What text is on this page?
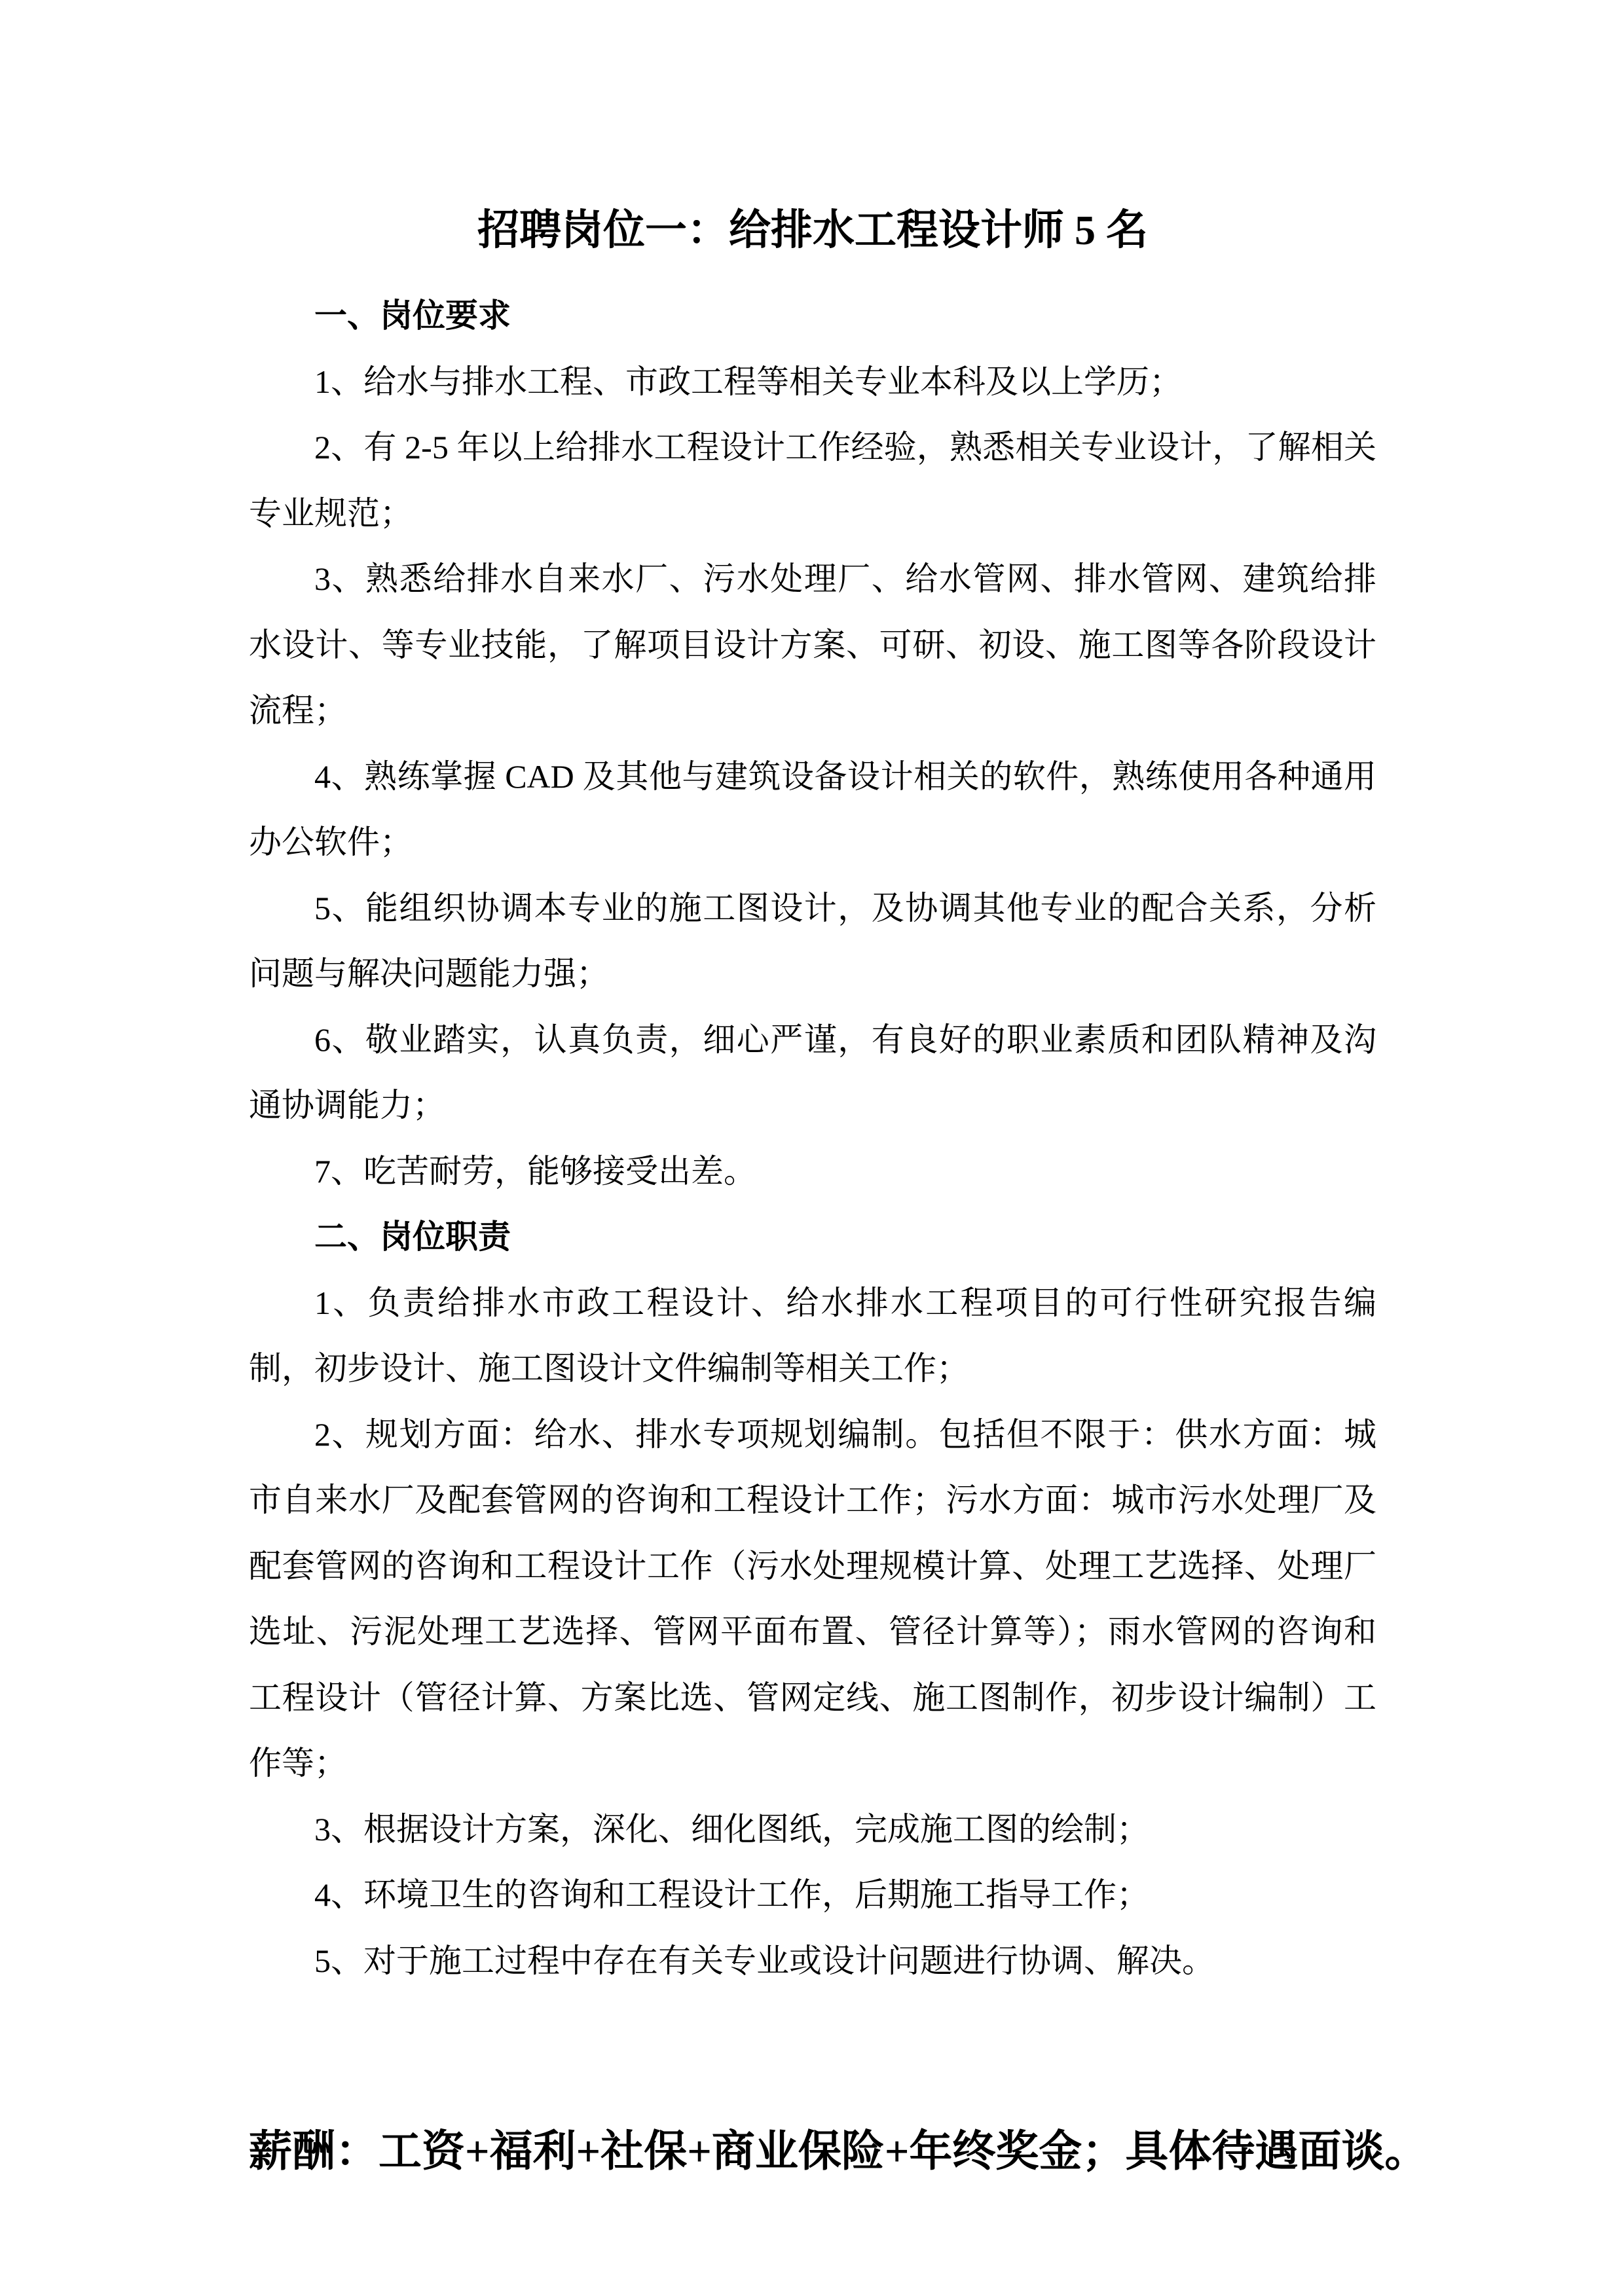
招聘岗位一：给排水工程设计师 5 名

一、岗位要求

1、给水与排水工程、市政工程等相关专业本科及以上学历；

2、有 2-5 年以上给排水工程设计工作经验，熟悉相关专业设计，了解相关专业规范；

3、熟悉给排水自来水厂、污水处理厂、给水管网、排水管网、建筑给排水设计、等专业技能，了解项目设计方案、可研、初设、施工图等各阶段设计流程；

4、熟练掌握 CAD 及其他与建筑设备设计相关的软件，熟练使用各种通用办公软件；

5、能组织协调本专业的施工图设计，及协调其他专业的配合关系，分析问题与解决问题能力强；

6、敬业踏实，认真负责，细心严谨，有良好的职业素质和团队精神及沟通协调能力；

7、吃苦耐劳，能够接受出差。

二、岗位职责

1、负责给排水市政工程设计、给水排水工程项目的可行性研究报告编制，初步设计、施工图设计文件编制等相关工作；

2、规划方面：给水、排水专项规划编制。包括但不限于：供水方面：城市自来水厂及配套管网的咨询和工程设计工作；污水方面：城市污水处理厂及配套管网的咨询和工程设计工作（污水处理规模计算、处理工艺选择、处理厂选址、污泥处理工艺选择、管网平面布置、管径计算等）；雨水管网的咨询和工程设计（管径计算、方案比选、管网定线、施工图制作，初步设计编制）工作等；

3、根据设计方案，深化、细化图纸，完成施工图的绘制；

4、环境卫生的咨询和工程设计工作，后期施工指导工作；

5、对于施工过程中存在有关专业或设计问题进行协调、解决。

薪酬：工资+福利+社保+商业保险+年终奖金；具体待遇面谈。
